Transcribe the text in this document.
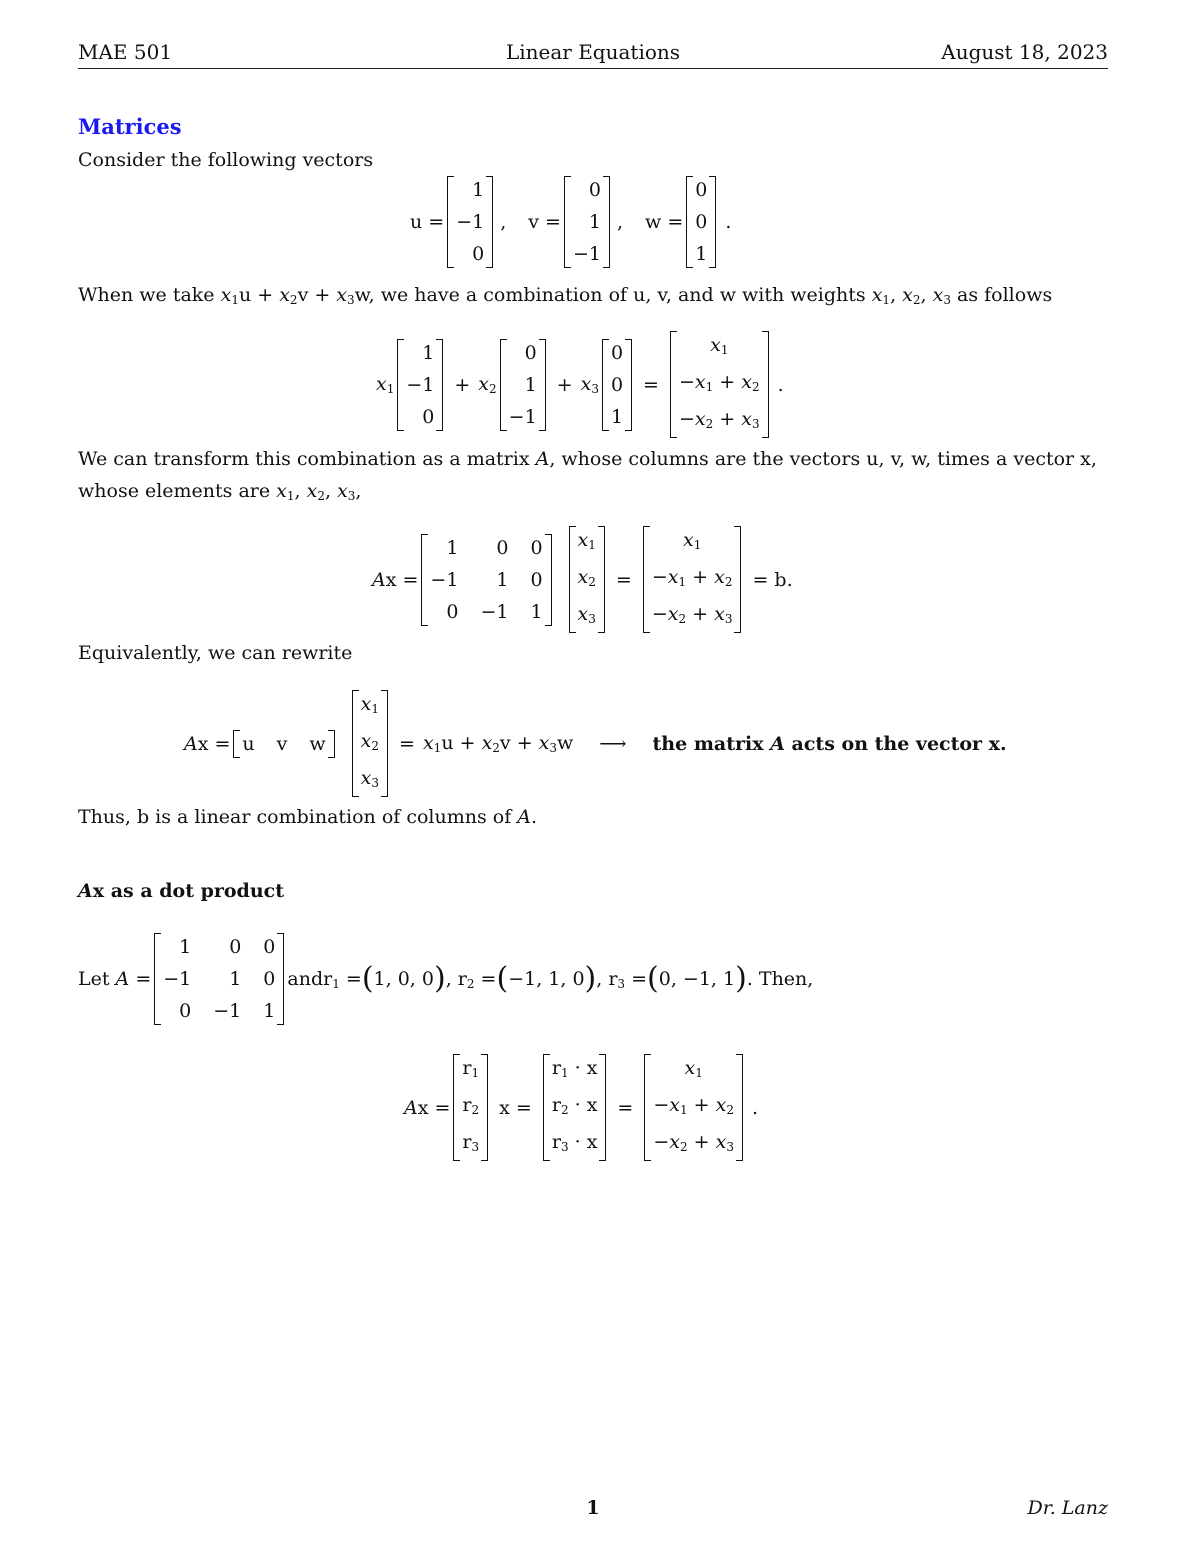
MAE 501	Linear Equations	August 18, 2023
Matrices
Consider the following vectors
u =
1
−1
0
, v =
0
1
−1
, w =
0
0
1
.
When we take $x_1u + x_2v + x_3w$, we have a combination of u, v, and w with weights $x_1$, $x_2$, $x_3$ as follows
$x_1$
1
−1
0
+ $x_2$
0
1
−1
+ $x_3$
0
0
1
=
$x_1$
$-x_1 + x_2$
$-x_2 + x_3$
.
We can transform this combination as a matrix A, whose columns are the vectors u, v, w, times a vector x,
whose elements are $x_1$, $x_2$, $x_3$,
Ax =
1	0 0
−1	1 0
0 −1 1
$x_1$
$x_2$
$x_3$
=
$x_1$
$-x_1 + x_2$
$-x_2 + x_3$
= b.
Equivalently, we can rewrite
Ax = u v w
$x_1$
$x_2$
$x_3$
= $x_1u + x_2v + x_3w$ ⟶ the matrix A acts on the vector x.
Thus, b is a linear combination of columns of A.
Ax as a dot product
Let A =
1	0 0
−1	1 0
0 −1 1
and $r_1$ = ( 1, 0, 0 ) , $r_2$ = ( −1, 1, 0 ) , $r_3$ = ( 0, −1, 1 ) . Then,
Ax =
$r_1$
$r_2$
$r_3$
x =
$r_1 \cdot x$
$r_2 \cdot x$
$r_3 \cdot x$
=
$x_1$
$-x_1 + x_2$
$-x_2 + x_3$
.
1	Dr. Lanz
